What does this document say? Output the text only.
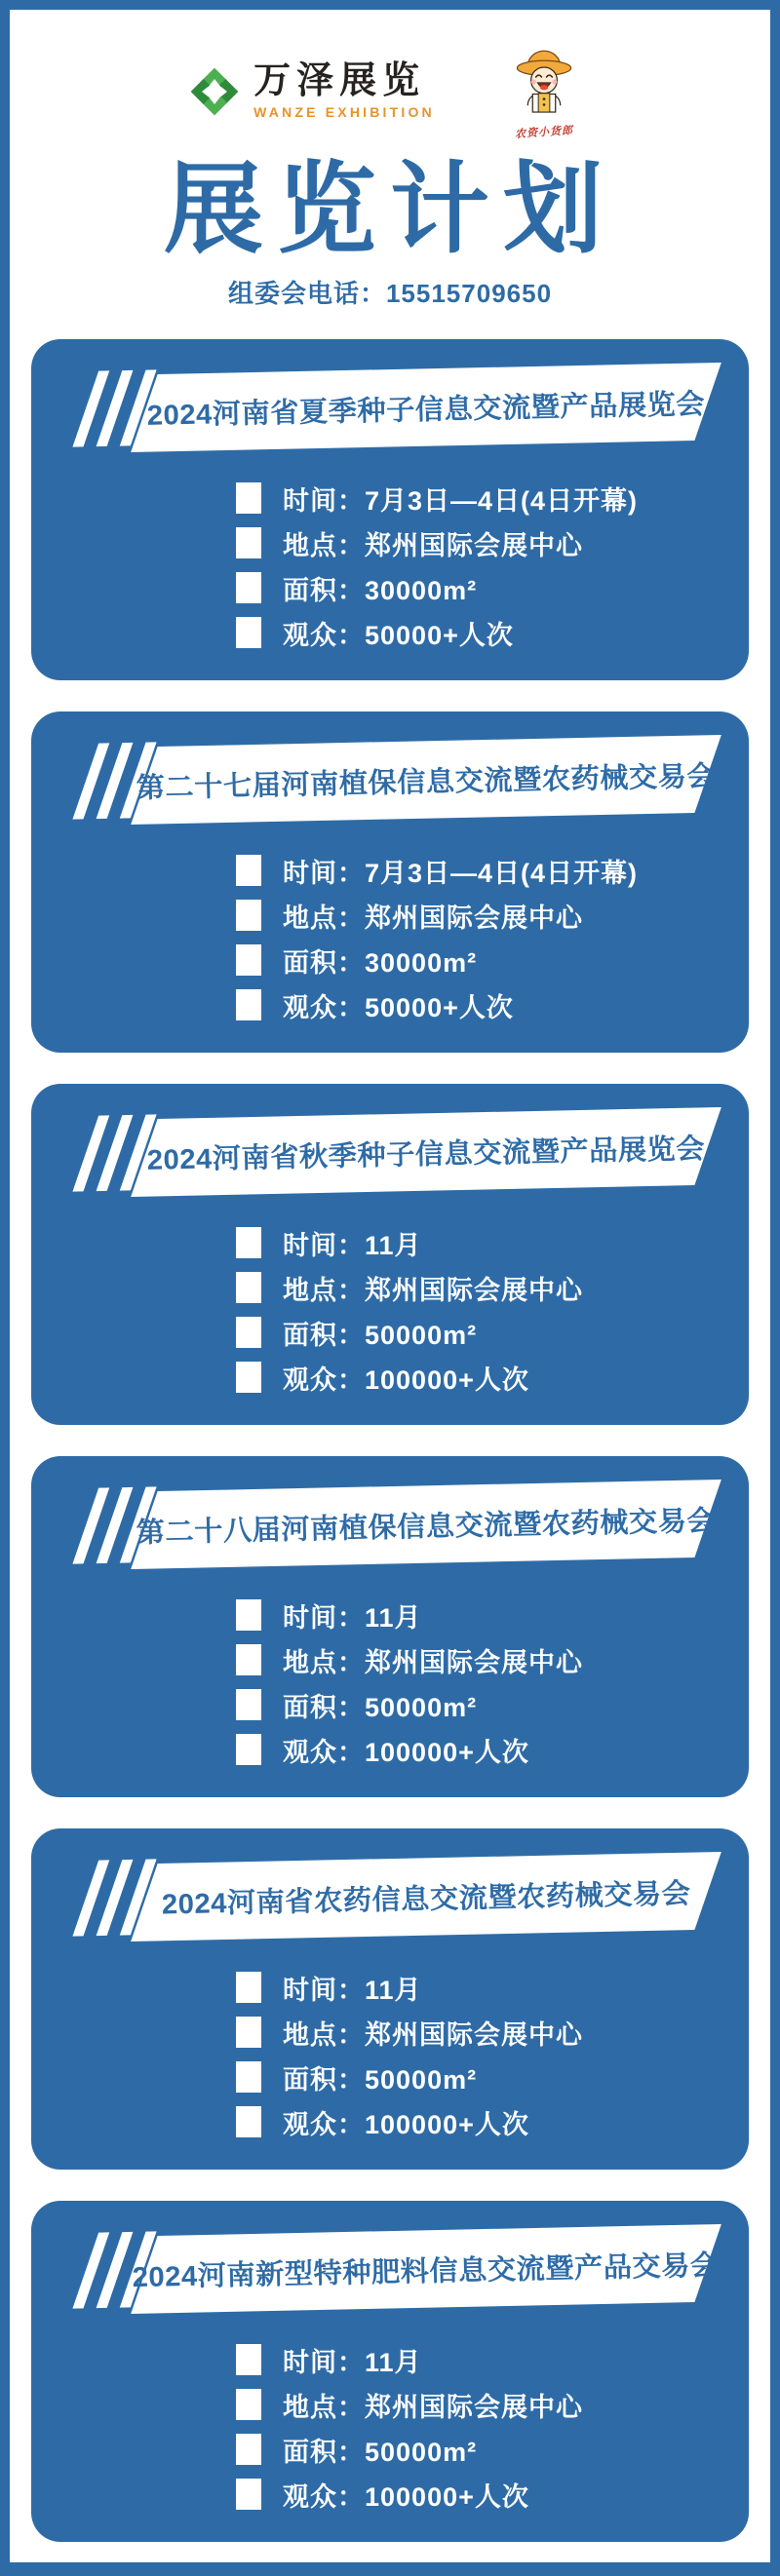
万泽展览
WANZE EXHIBITION
农资小货郎
展览计划
组委会电话：15515709650
2024河南省夏季种子信息交流暨产品展览会
时间：7月3日—4日(4日开幕)
地点：郑州国际会展中心
面积：30000m²
观众：50000+人次
第二十七届河南植保信息交流暨农药械交易会
时间：7月3日—4日(4日开幕)
地点：郑州国际会展中心
面积：30000m²
观众：50000+人次
2024河南省秋季种子信息交流暨产品展览会
时间：11月
地点：郑州国际会展中心
面积：50000m²
观众：100000+人次
第二十八届河南植保信息交流暨农药械交易会
时间：11月
地点：郑州国际会展中心
面积：50000m²
观众：100000+人次
2024河南省农药信息交流暨农药械交易会
时间：11月
地点：郑州国际会展中心
面积：50000m²
观众：100000+人次
2024河南新型特种肥料信息交流暨产品交易会
时间：11月
地点：郑州国际会展中心
面积：50000m²
观众：100000+人次
